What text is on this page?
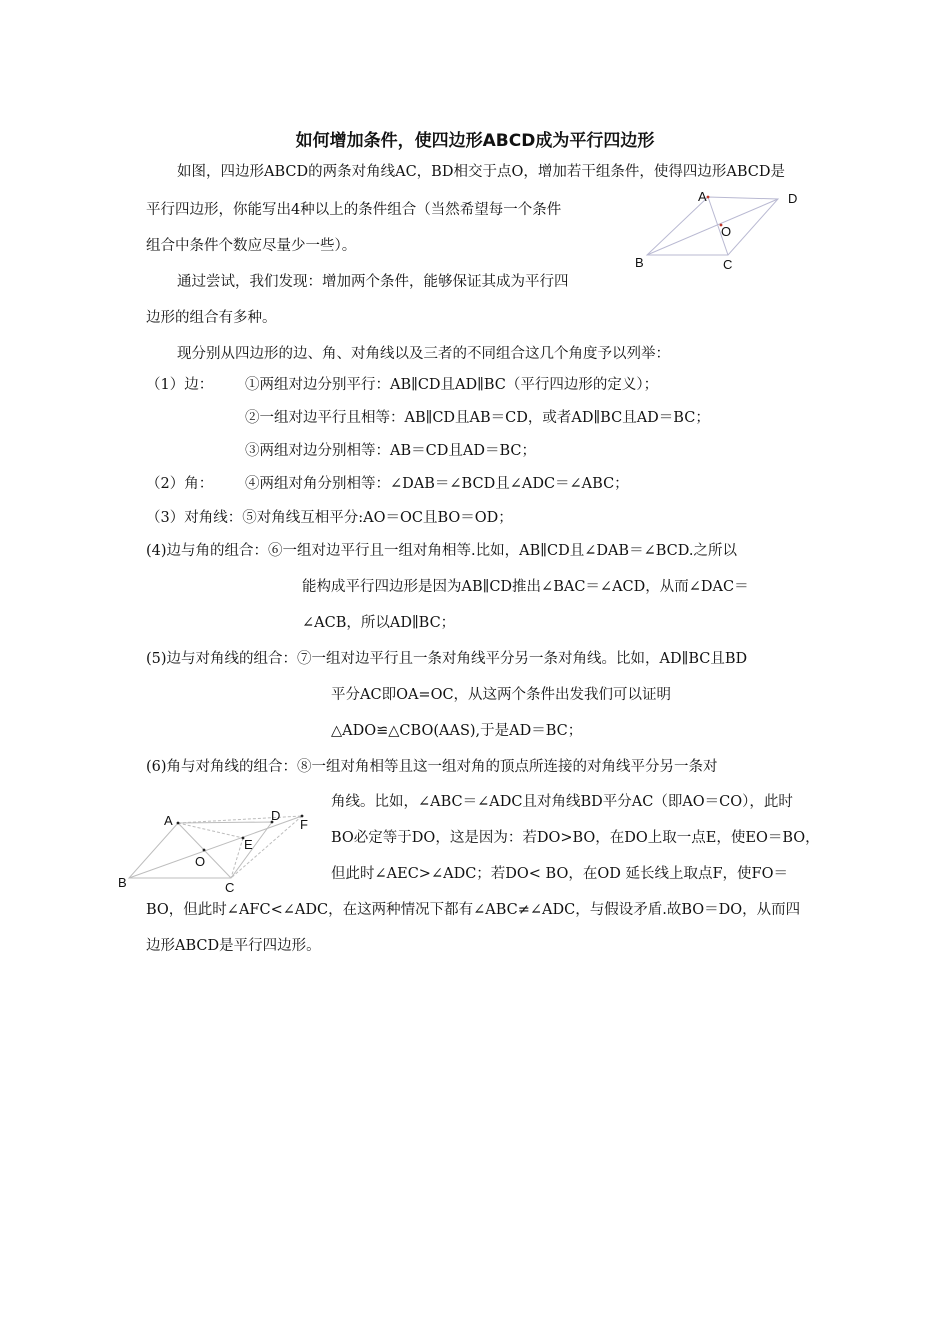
如何增加条件，使四边形ABCD成为平行四边形
如图，四边形ABCD的两条对角线AC，BD相交于点O，增加若干组条件，使得四边形ABCD是
平行四边形，你能写出4种以上的条件组合（当然希望每一个条件
组合中条件个数应尽量少一些）。
通过尝试，我们发现：增加两个条件，能够保证其成为平行四
边形的组合有多种。
现分别从四边形的边、角、对角线以及三者的不同组合这几个角度予以列举：
A	D
O
B	C
（1）边： ①两组对边分别平行：AB∥CD且AD∥BC（平行四边形的定义）；
②一组对边平行且相等：AB∥CD且AB＝CD，或者AD∥BC且AD＝BC；
③两组对边分别相等：AB＝CD且AD＝BC；
（2）角： ④两组对角分别相等：∠DAB＝∠BCD且∠ADC＝∠ABC；
（3）对角线：⑤对角线互相平分:AO＝OC且BO＝OD；
(4)边与角的组合：⑥一组对边平行且一组对角相等.比如，AB∥CD且∠DAB＝∠BCD.之所以
能构成平行四边形是因为AB∥CD推出∠BAC＝∠ACD，从而∠DAC＝
∠ACB，所以AD∥BC；
(5)边与对角线的组合：⑦一组对边平行且一条对角线平分另一条对角线。比如，AD∥BC且BD
平分AC即OA=OC，从这两个条件出发我们可以证明
△ADO≌△CBO(AAS),于是AD＝BC；
(6)角与对角线的组合：⑧一组对角相等且这一组对角的顶点所连接的对角线平分另一条对
角线。比如，∠ABC＝∠ADC且对角线BD平分AC（即AO＝CO），此时
BO必定等于DO，这是因为：若DO>BO，在DO上取一点E，使EO＝BO，
但此时∠AEC>∠ADC；若DO< BO，在OD 延长线上取点F，使FO＝
BO，但此时∠AFC<∠ADC，在这两种情况下都有∠ABC≠∠ADC，与假设矛盾.故BO＝DO，从而四
边形ABCD是平行四边形。
A	D
F
E
O
B	C
